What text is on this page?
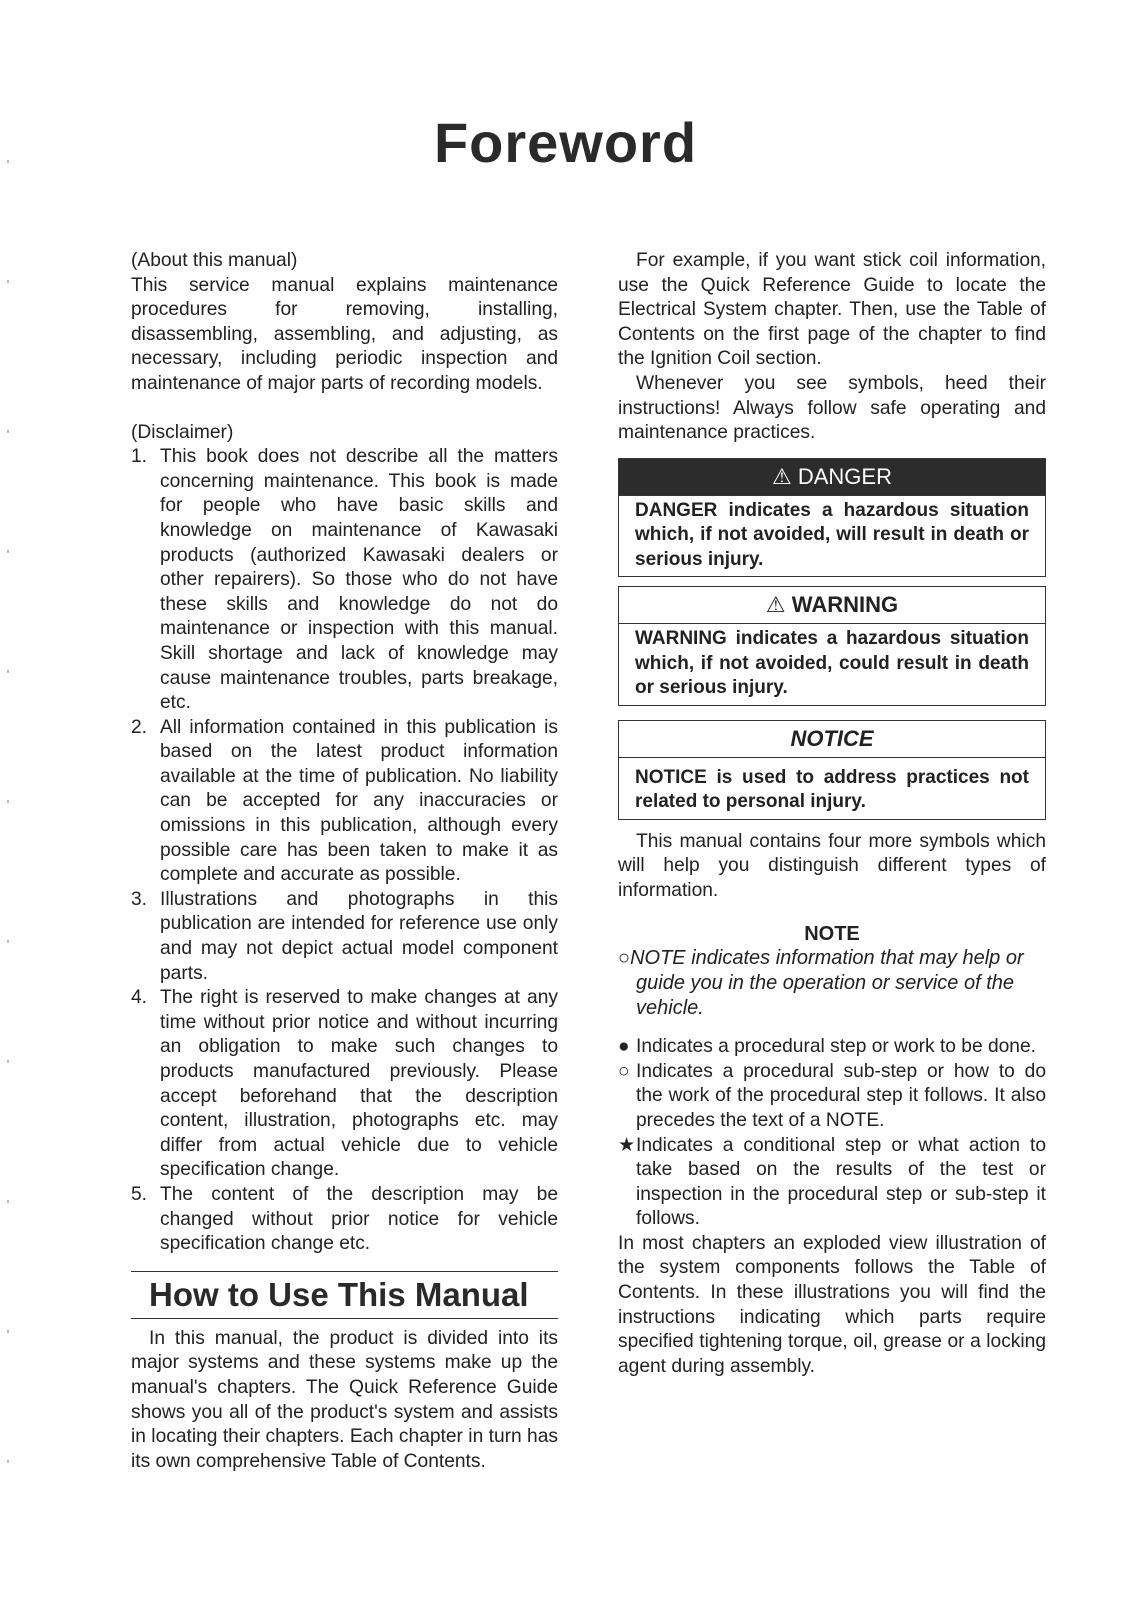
Foreword

(About this manual)

This service manual explains maintenance procedures for removing, installing, disassembling, assembling, and adjusting, as necessary, including periodic inspection and maintenance of major parts of recording models.

(Disclaimer)

1. This book does not describe all the matters concerning maintenance. This book is made for people who have basic skills and knowledge on maintenance of Kawasaki products (authorized Kawasaki dealers or other repairers). So those who do not have these skills and knowledge do not do maintenance or inspection with this manual. Skill shortage and lack of knowledge may cause maintenance troubles, parts breakage, etc.
2. All information contained in this publication is based on the latest product information available at the time of publication. No liability can be accepted for any inaccuracies or omissions in this publication, although every possible care has been taken to make it as complete and accurate as possible.
3. Illustrations and photographs in this publication are intended for reference use only and may not depict actual model component parts.
4. The right is reserved to make changes at any time without prior notice and without incurring an obligation to make such changes to products manufactured previously. Please accept beforehand that the description content, illustration, photographs etc. may differ from actual vehicle due to vehicle specification change.
5. The content of the description may be changed without prior notice for vehicle specification change etc.
How to Use This Manual

In this manual, the product is divided into its major systems and these systems make up the manual's chapters. The Quick Reference Guide shows you all of the product's system and assists in locating their chapters. Each chapter in turn has its own comprehensive Table of Contents.

For example, if you want stick coil information, use the Quick Reference Guide to locate the Electrical System chapter. Then, use the Table of Contents on the first page of the chapter to find the Ignition Coil section.

Whenever you see symbols, heed their instructions! Always follow safe operating and maintenance practices.

⚠ DANGER
DANGER indicates a hazardous situation which, if not avoided, will result in death or serious injury.
⚠ WARNING
WARNING indicates a hazardous situation which, if not avoided, could result in death or serious injury.
NOTICE
NOTICE is used to address practices not related to personal injury.

This manual contains four more symbols which will help you distinguish different types of information.

NOTE

○NOTE indicates information that may help or guide you in the operation or service of the vehicle.

● Indicates a procedural step or work to be done.

○ Indicates a procedural sub-step or how to do the work of the procedural step it follows. It also precedes the text of a NOTE.

★ Indicates a conditional step or what action to take based on the results of the test or inspection in the procedural step or sub-step it follows.

In most chapters an exploded view illustration of the system components follows the Table of Contents. In these illustrations you will find the instructions indicating which parts require specified tightening torque, oil, grease or a locking agent during assembly.
